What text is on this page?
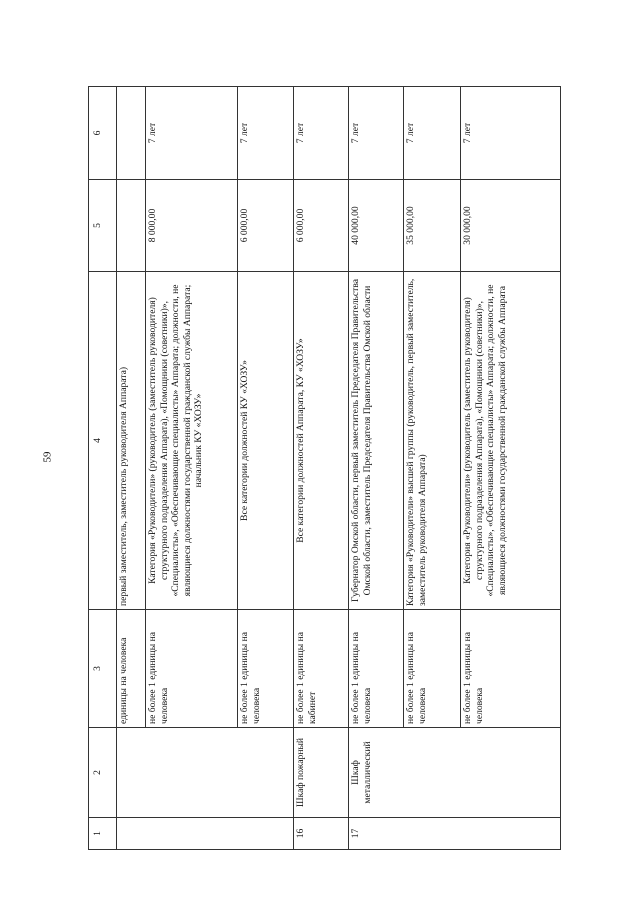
59
1	2	3	4	5	6
		единицы на человека	первый заместитель, заместитель руководителя Аппарата)		
		не более 1 единицы на человека	Категория «Руководители» (руководитель (заместитель руководителя) структурного подразделения Аппарата), «Помощники (советники)», «Специалисты», «Обеспечивающие специалисты» Аппарата; должности, не являющиеся должностями государственной гражданской службы Аппарата; начальник КУ «ХОЗУ»	8 000,00	7 лет
		не более 1 единицы на человека	Все категории должностей КУ «ХОЗУ»	6 000,00	7 лет
16	Шкаф пожарный	не более 1 единицы на кабинет	Все категории должностей Аппарата, КУ «ХОЗУ»	6 000,00	7 лет
17	Шкаф металлический	не более 1 единицы на человека	Губернатор Омской области, первый заместитель Председателя Правительства Омской области, заместитель Председателя Правительства Омской области	40 000,00	7 лет
		не более 1 единицы на человека	Категория «Руководители» высшей группы (руководитель, первый заместитель, заместитель руководителя Аппарата)	35 000,00	7 лет
		не более 1 единицы на человека	Категория «Руководители» (руководитель (заместитель руководителя) структурного подразделения Аппарата), «Помощники (советники)», «Специалисты», «Обеспечивающие специалисты» Аппарата; должности, не являющиеся должностями государственной гражданской службы Аппарата	30 000,00	7 лет
